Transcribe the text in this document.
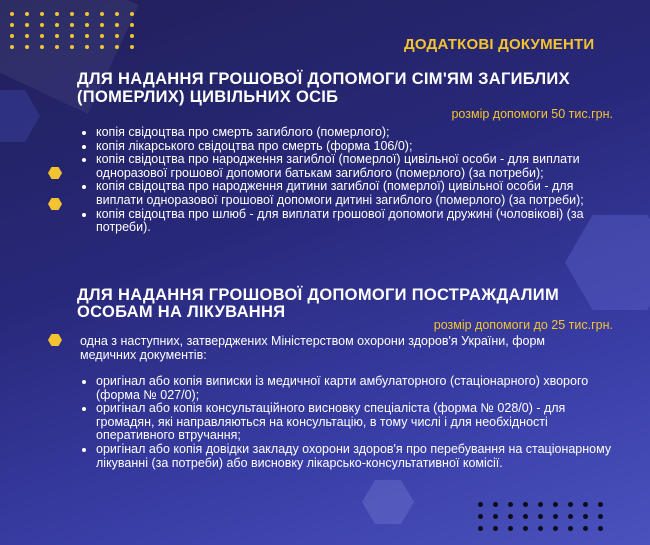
ДОДАТКОВІ ДОКУМЕНТИ
ДЛЯ НАДАННЯ ГРОШОВОЇ ДОПОМОГИ СІМ'ЯМ ЗАГИБЛИХ
(ПОМЕРЛИХ) ЦИВІЛЬНИХ ОСІБ
розмір допомоги 50 тис.грн.
• копія свідоцтва про смерть загиблого (померлого);
• копія лікарського свідоцтва про смерть (форма 106/0);
• копія свідоцтва про народження загиблої (померлої) цивільної особи - для виплати одноразової грошової допомоги батькам загиблого (померлого) (за потреби);
• копія свідоцтва про народження дитини загиблої (померлої) цивільної особи - для виплати одноразової грошової допомоги дитині загиблого (померлого) (за потреби);
• копія свідоцтва про шлюб - для виплати грошової допомоги дружині (чоловікові) (за потреби).
ДЛЯ НАДАННЯ ГРОШОВОЇ ДОПОМОГИ ПОСТРАЖДАЛИМ
ОСОБАМ НА ЛІКУВАННЯ
розмір допомоги до 25 тис.грн.
одна з наступних, затверджених Міністерством охорони здоров'я України, форм медичних документів:
• оригінал або копія виписки із медичної карти амбулаторного (стаціонарного) хворого (форма № 027/0);
• оригінал або копія консультаційного висновку спеціаліста (форма № 028/0) - для громадян, які направляються на консультацію, в тому числі і для необхідності оперативного втручання;
• оригінал або копія довідки закладу охорони здоров'я про перебування на стаціонарному лікуванні (за потреби) або висновку лікарсько-консультативної комісії.
